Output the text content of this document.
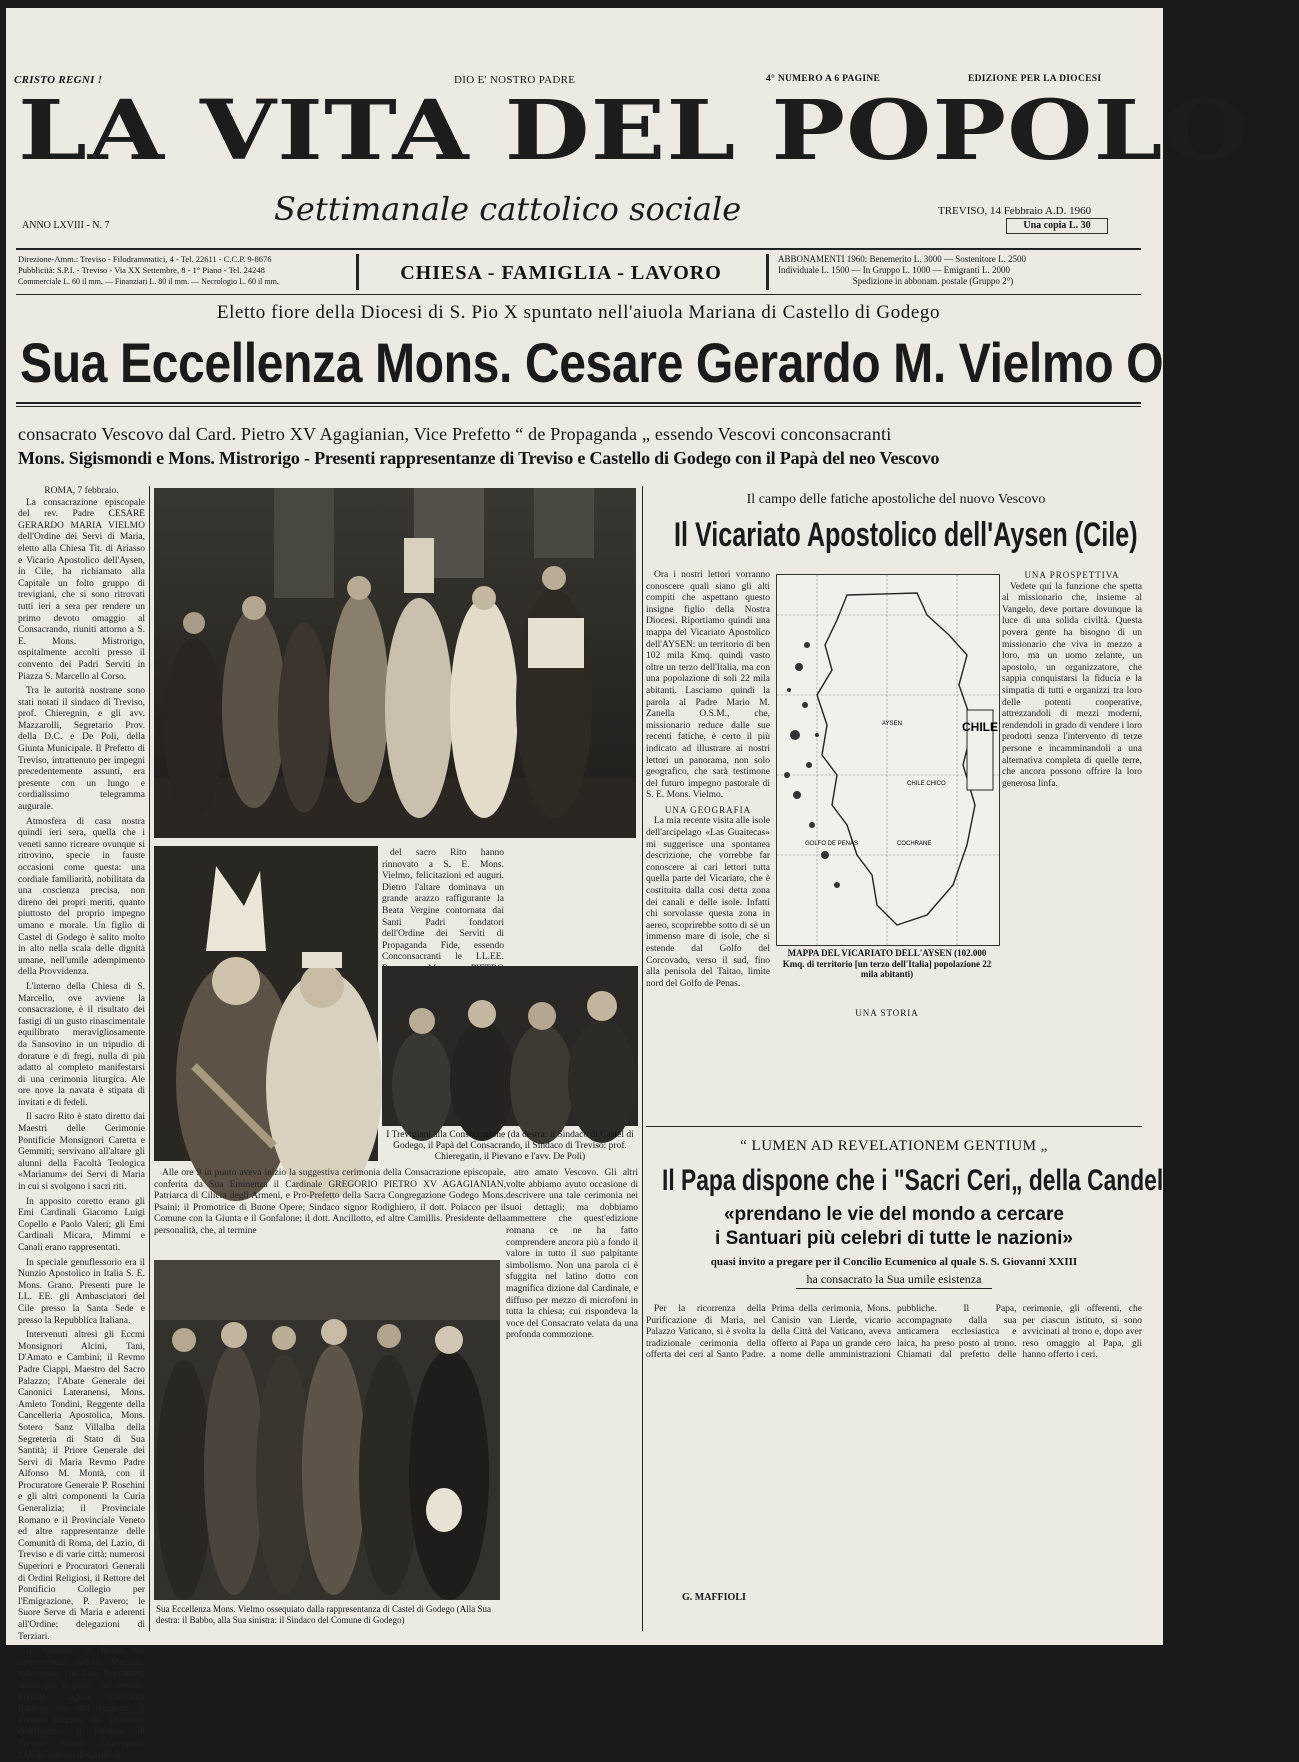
CRISTO REGNI !	DIO E' NOSTRO PADRE	4° NUMERO A 6 PAGINE	EDIZIONE PER LA DIOCESI
LA VITA DEL POPOLO
Settimanale cattolico sociale
ANNO LXVIII - N. 7
TREVISO, 14 Febbraio A.D. 1960
Una copia L. 30
Direzione-Amm.: Treviso - Filodrammatici, 4 - Tel. 22611 - C.C.P. 9-8676
Pubblicità: S.P.I. - Treviso - Via XX Settembre, 8 - 1° Piano - Tel. 24248
Commerciale L. 60 il mm. — Finanziari L. 80 il mm. — Necrologio L. 60 il mm.	CHIESA - FAMIGLIA - LAVORO
ABBONAMENTI 1960: Benemerito L. 3000 — Sostenitore L. 2500
Individuale L. 1500 — In Gruppo L. 1000 — Emigranti L. 2000
Spedizione in abbonam. postale (Gruppo 2°)
Eletto fiore della Diocesi di S. Pio X spuntato nell'aiuola Mariana di Castello di Godego
Sua Eccellenza Mons. Cesare Gerardo M. Vielmo O. S. M.
consacrato Vescovo dal Card. Pietro XV Agagianian, Vice Prefetto “ de Propaganda „ essendo Vescovi conconsacranti
Mons. Sigismondi e Mons. Mistrorigo - Presenti rappresentanze di Treviso e Castello di Godego con il Papà del neo Vescovo
ROMA, 7 febbraio.

La consacrazione episcopale del rev. Padre CESARE GERARDO MARIA VIELMO dell'Ordine dei Servi di Maria, eletto alla Chiesa Tit. di Ariasso e Vicario Apostolico dell'Aysen, in Cile, ha richiamato alla Capitale un folto gruppo di trevigiani, che si sono ritrovati tutti ieri a sera per rendere un primo devoto omaggio al Consacrando, riuniti attorno a S. E. Mons. Mistrorigo, ospitalmente accolti presso il convento dei Padri Serviti in Piazza S. Marcello al Corso.

Tra le autorità nostrane sono stati notati il sindaco di Treviso, prof. Chieregnin, e gli avv. Mazzarolli, Segretario Prov. della D.C. e De Poli, della Giunta Municipale. Il Prefetto di Treviso, intrattenuto per impegni precedentemente assunti, era presente con un lungo e cordialissimo telegramma augurale.

Atmosfera di casa nostra quindi ieri sera, quella che i veneti sanno ricreare ovunque si ritrovino, specie in fauste occasioni come questa: una cordiale familiarità, nobilitata da una coscienza precisa, non direno dei propri meriti, quanto piuttosto del proprio impegno umano e morale. Un figlio di Castel di Godego è salito molto in alto nella scala delle dignità umane, nell'umile adempimento della Provvidenza.

L'interno della Chiesa di S. Marcello, ove avviene la consacrazione, è il risultato dei fastigi di un gusto rinascimentale equilibrato meravigliosamente da Sansovino in un tripudio di dorature e di fregi, nulla di più adatto al completo manifestarsi di una cerimonia liturgica. Ale ore nove la navata è stipata di invitati e di fedeli.

Il sacro Rito è stato diretto dai Maestri delle Cerimonie Pontificie Monsignori Caretta e Gemmiti; servivano all'altare gli alunni della Facoltà Teologica «Marianum» dei Servi di Maria in cui si svolgono i sacri riti.

In apposito coretto erano gli Emi Cardinali Giacomo Luigi Copello e Paolo Valeri; gli Emi Cardinali Micara, Mimmi e Canali erano rappresentati.

In speciale genuflessorio era il Nunzio Apostolico in Italia S. E. Mons. Grano. Presenti pure le LL. EE. gli Ambasciatori del Cile presso la Santa Sede e presso la Repubblica Italiana.

Intervenuti altresì gli Eccmi Monsignori Alcini, Tani, D'Amato e Cambini; il Revmo Padre Ciappi, Maestro del Sacro Palazzo; l'Abate Generale dei Canonici Lateranensi, Mons. Amleto Tondini, Reggente della Cancelleria Apostolica, Mons. Sotero Sanz Villalba della Segreteria di Stato di Sua Santità; il Priore Generale dei Servi di Maria Revmo Padre Alfonso M. Montà, con il Procuratore Generale P. Roschini e gli altri componenti la Curia Generalizia; il Provinciale Romano e il Provinciale Veneto ed altre rappresentanze delle Comunità di Roma, del Lazio, di Treviso e di varie città; numerosi Superiori e Procuratori Generali di Ordini Religiosi, il Rettore del Pontificio Collegio per l'Emigrazione, P. Pavero; le Suore Serve di Maria e aderenti all'Ordine; delegazioni di Terziari.

Il Sindaco di Roma era rappresentato dall'ass. Marzani, intervenuto con l'ass. Borromeo; notati poi il padre del novello Presule, signor Giovanni Battista, con altri congiunti; il Prefetto Marino, del Ministero dell'Interno; il Sindaco di Treviso signor Chieregnin; l'Abate mitrato di Castel di

del sacro Rito hanno rinnovato a S. E. Mons. Vielmo, felicitazioni ed auguri. Dietro l'altare dominava un grande arazzo raffigurante la Beata Vergine contornata dai Santi Padri fondatori dell'Ordine dei Serviti di Propaganda Fide, essendo Conconsacranti le LL.EE.

I Trevigiani alla Consacrazione (da destra: il Sindaco di Castel di Godego, il Papà del Consacrando, il Sindaco di Treviso: prof. Chieregatin, il Pievano e l'avv. De Poli)

Alle ore 9 in punto aveva inizio la suggestiva cerimonia della Consacrazione episcopale, conferita da Sua Eminenza il Cardinale GREGORIO PIETRO XV AGAGIANIAN, Patriarca di Cilicia degli Armeni, e Pro-Prefetto della Sacra Congregazione Godego Mons. Psaini; il Promotrice di Buone Opere; Sindaco signor Rodighiero, il dott. Polacco per il Comune con la Giunta e il Gonfalone; il dott. Ancillotto, ed altre Camillis. Presidente della personalità, che, al termine

atro amato Vescovo. Gli altri volte abbiamo avuto occasione di descrivere una tale cerimonia nei suoi dettagli; ma dobbiamo ammettere che quest'edizione romana ce ne ha fatto comprendere ancora più a fondo il valore in tutto il suo palpitante simbolismo. Non una parola ci è sfuggita nel latino dotto con magnifica dizione dal Cardinale, e diffuso per mezzo di microfoni in tutta la chiesa; cui rispondeva la voce del Consacrato velata da una profonda commozione.

Sua Eccellenza Mons. Vielmo ossequiato dalla rappresentanza di Castel di Godego (Alla Sua destra: il Babbo, alla Sua sinistra: il Sindaco del Comune di Godego)
Il campo delle fatiche apostoliche del nuovo Vescovo
Il Vicariato Apostolico dell'Aysen (Cile)

Ora i nostri lettori vorranno conoscere quali siano gli alti compiti che aspettano questo insigne figlio della Nostra Diocesi. Riportiamo quindi una mappa del Vicariato Apostolico dell'AYSEN: un territorio di ben 102 mila Kmq. quindi vasto oltre un terzo dell'Italia, ma con una popolazione di soli 22 mila abitanti. Lasciamo quindi la parola al Padre Mario M. Zanella O.S.M., che, missionario reduce dalle sue recenti fatiche, è certo il più indicato ad illustrare ai nostri lettori un panorama, non solo geografico, che sarà testimone del futuro impegno pastorale di S. E. Mons. Vielmo.

UNA GEOGRAFIA

La mia recente visita alle isole dell'arcipelago «Las Guaitecas» mi suggerisce una spontanea descrizione, che vorrebbe far conoscere ai cari lettori tutta quella parte del Vicariato, che è costituita dalla cosi detta zona dei canali e delle isole. Infatti chi sorvolasse questa zona in aereo, scoprirebbe sotto di sè un immenso mare di isole, che si estende dal Golfo del Corcovado, verso il sud, fino alla penisola del Taitao, limite nord del Golfo de Penas.

CHILE
GOLFO DE PENAS	COCHRANE
AYSEN
CHILE CHICO
MAPPA DEL VICARIATO DELL'AYSEN (102.000 Kmq. di territorio [un terzo dell'Italia] popolazione 22 mila abitanti)
UNA PROSPETTIVA

Vedete qui la funzione che spetta al missionario che, insieme al Vangelo, deve portare dovunque la luce di una solida civiltà. Questa povera gente ha bisogno di un missionario che viva in mezzo a loro, ma un uomo zelante, un apostolo, un organizzatore, che sappia conquistarsi la fiducia e la simpatia di tutti e organizzi tra loro delle potenti cooperative, attrezzandoli di mezzi moderni, rendendoli in grado di vendere i loro prodotti senza l'intervento di terze persone e incamminandoli a una alternativa completa di quelle terre, che ancora possono offrire la loro generosa linfa.

UNA STORIA
“ LUMEN AD REVELATIONEM GENTIUM „
Il Papa dispone che i "Sacri Ceri„ della Candelora
«prendano le vie del mondo a cercare
i Santuari più celebri di tutte le nazioni»
quasi invito a pregare per il Concilio Ecumenico al quale S. S. Giovanni XXIII
ha consacrato la Sua umile esistenza

Per la ricorrenza della Purificazione di Maria, nel Palazzo Vaticano, si è svolta la tradizionale cerimonia della offerta dei ceri al Santo Padre. Prima della cerimonia, Mons. Canisio van Lierde, vicario della Città del Vaticano, aveva offerto al Papa un grande cero a nome delle amministrazioni pubbliche. Il Papa, accompagnato dalla sua anticamera ecclesiastica e laica, ha preso posto al trono. Chiamati dal prefetto delle cerimonie, gli offerenti, che per ciascun istituto, si sono avvicinati al trono e, dopo aver reso omaggio al Papa, gli hanno offerto i ceri.

G. MAFFIOLI
